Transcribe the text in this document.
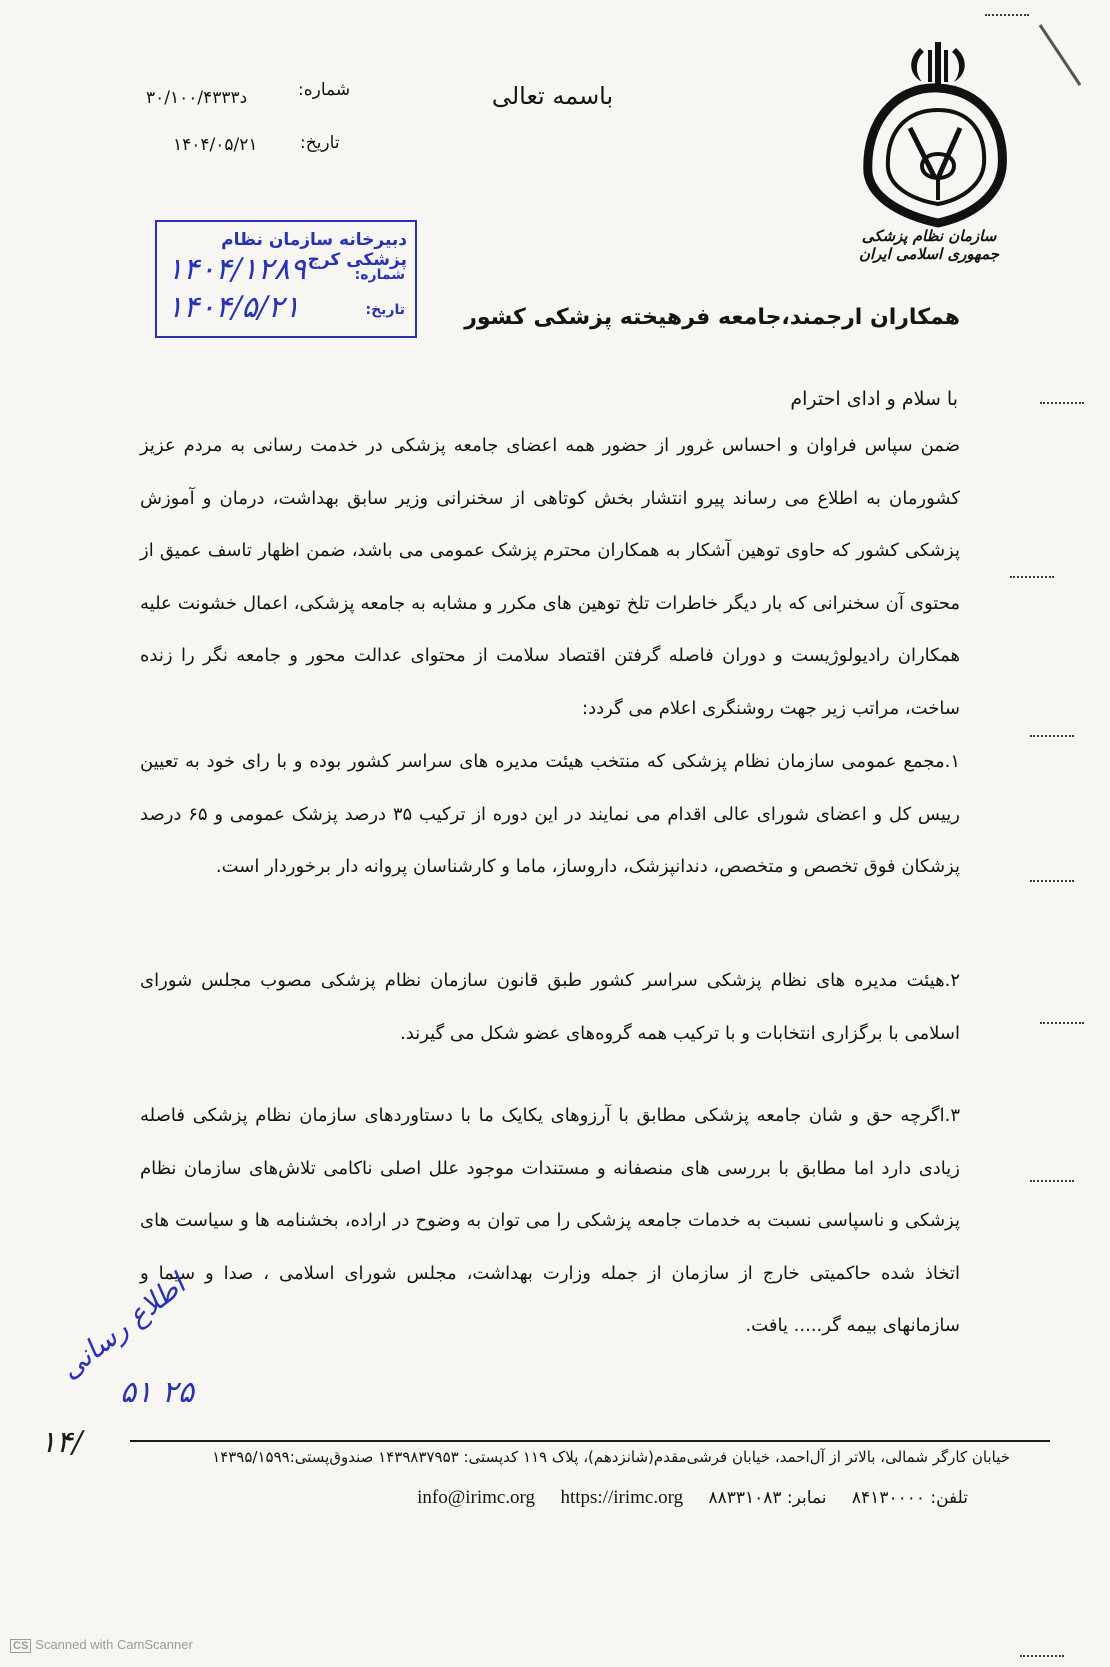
باسمه تعالی
شماره:
۳۰/۱۰۰/۴۳۳۳د
تاریخ:
۱۴۰۴/۰۵/۲۱
سازمان نظام پزشکی جمهوری اسلامی ایران
دبیرخانه سازمان نظام پزشکی کرج
شماره:
۱۴۰۴/۱۲۸۹
تاریخ:
۱۴۰۴/۵/۲۱	همکاران ارجمند،جامعه فرهیخته پزشکی کشور
با سلام و ادای احترام
ضمن سپاس فراوان و احساس غرور از حضور همه اعضای جامعه پزشکی در خدمت رسانی به مردم عزیز کشورمان به اطلاع می رساند پیرو انتشار بخش کوتاهی از سخنرانی وزیر سابق بهداشت، درمان و آموزش پزشکی کشور که حاوی توهین آشکار به همکاران محترم پزشک عمومی می باشد، ضمن اظهار تاسف عمیق از محتوی آن سخنرانی که بار دیگر خاطرات تلخ توهین های مکرر و مشابه به جامعه پزشکی، اعمال خشونت علیه همکاران رادیولوژیست و دوران فاصله گرفتن اقتصاد سلامت از محتوای عدالت محور و جامعه نگر را زنده ساخت، مراتب زیر جهت روشنگری اعلام می گردد:
۱.مجمع عمومی سازمان نظام پزشکی که منتخب هیئت مدیره های سراسر کشور بوده و با رای خود به تعیین رییس کل و اعضای شورای عالی اقدام می نمایند در این دوره از ترکیب ۳۵ درصد پزشک عمومی و ۶۵ درصد پزشکان فوق تخصص و متخصص، دندانپزشک، داروساز، ماما و کارشناسان پروانه دار برخوردار است.
۲.هیئت مدیره های نظام پزشکی سراسر کشور طبق قانون سازمان نظام پزشکی مصوب مجلس شورای اسلامی با برگزاری انتخابات و با ترکیب همه گروه‌های عضو شکل می گیرند.
۳.اگرچه حق و شان جامعه پزشکی مطابق با آرزوهای یکایک ما با دستاوردهای سازمان نظام پزشکی فاصله زیادی دارد اما مطابق با بررسی های منصفانه و مستندات موجود علل اصلی ناکامی تلاش‌های سازمان نظام پزشکی و ناسپاسی نسبت به خدمات جامعه پزشکی را می توان به وضوح در اراده، بخشنامه ها و سیاست های اتخاذ شده حاکمیتی خارج از سازمان از جمله وزارت بهداشت، مجلس شورای اسلامی ، صدا و سیما و سازمانهای بیمه گر..... یافت.
اطلاع رسانی
۵۱ ۲۵
۱۴/	خیابان کارگر شمالی، بالاتر از آل‌احمد، خیابان فرشی‌مقدم(شانزدهم)، پلاک ۱۱۹ کدپستی: ۱۴۳۹۸۳۷۹۵۳ صندوق‌پستی:۱۴۳۹۵/۱۵۹۹
تلفن: ۸۴۱۳۰۰۰۰ نمابر: ۸۸۳۳۱۰۸۳ https://irimc.org info@irimc.org
CS Scanned with CamScanner
